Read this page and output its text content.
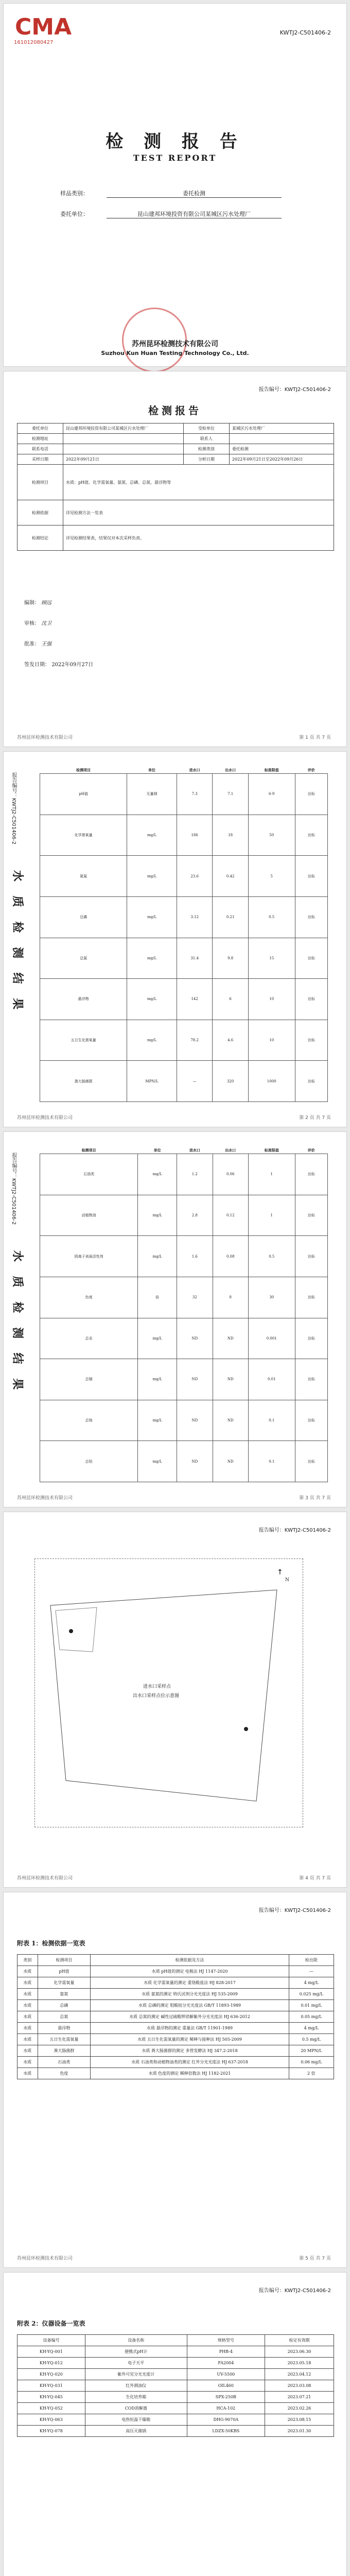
CMA
161012080427
KWTJ2-C501406-2
检 测 报 告
TEST REPORT
样品类别：	委托检测
委托单位：	昆山建邦环境投资有限公司某城区污水处理厂
苏州昆环检测技术有限公司
Suzhou Kun Huan Testing Technology Co., Ltd.
报告编号：KWTJ2-C501406-2
检测报告
委托单位	昆山建邦环境投资有限公司某城区污水处理厂	受检单位	某城区污水处理厂
检测地址		联系人	
联系电话		检测类别	委托检测
采样日期	2022年09月21日	分析日期	2022年09月21日至2022年09月26日
检测项目	水质：pH值、化学需氧量、氨氮、总磷、总氮、悬浮物等		
检测依据	详见检测方法一览表		
检测结论	详见检测结果表，结果仅对本次采样负责。		
编制： 顾远
审核： 沈卫
批准： 王强
签发日期： 2022年09月27日
苏州昆环检测技术有限公司	第 1 页 共 7 页
报告编号：KWTJ2-C501406-2
水 质 检 测 结 果
检测项目	单位	进水口	出水口	标准限值	评价
pH值	无量纲	7.3	7.1	6-9	达标
化学需氧量	mg/L	186	18	50	达标
氨氮	mg/L	23.6	0.42	5	达标
总磷	mg/L	3.12	0.21	0.5	达标
总氮	mg/L	31.4	9.8	15	达标
悬浮物	mg/L	142	6	10	达标
五日生化需氧量	mg/L	78.2	4.6	10	达标
粪大肠菌群	MPN/L	—	320	1000	达标
苏州昆环检测技术有限公司	第 2 页 共 7 页
报告编号：KWTJ2-C501406-2
水 质 检 测 结 果
检测项目	单位	进水口	出水口	标准限值	评价
石油类	mg/L	1.2	0.06	1	达标
动植物油	mg/L	2.8	0.12	1	达标
阴离子表面活性剂	mg/L	1.6	0.08	0.5	达标
色度	倍	32	8	30	达标
总汞	mg/L	ND	ND	0.001	达标
总镉	mg/L	ND	ND	0.01	达标
总铬	mg/L	ND	ND	0.1	达标
总铅	mg/L	ND	ND	0.1	达标
苏州昆环检测技术有限公司	第 3 页 共 7 页
报告编号：KWTJ2-C501406-2
↑
进水口采样点
出水口采样点位示意图
N
苏州昆环检测技术有限公司	第 4 页 共 7 页
报告编号：KWTJ2-C501406-2
附表 1：检测依据一览表
类别	检测项目	检测依据及方法	检出限
水质	pH值	水质 pH值的测定 电极法 HJ 1147-2020	—
水质	化学需氧量	水质 化学需氧量的测定 重铬酸盐法 HJ 828-2017	4 mg/L
水质	氨氮	水质 氨氮的测定 纳氏试剂分光光度法 HJ 535-2009	0.025 mg/L
水质	总磷	水质 总磷的测定 钼酸铵分光光度法 GB/T 11893-1989	0.01 mg/L
水质	总氮	水质 总氮的测定 碱性过硫酸钾消解紫外分光光度法 HJ 636-2012	0.05 mg/L
水质	悬浮物	水质 悬浮物的测定 重量法 GB/T 11901-1989	4 mg/L
水质	五日生化需氧量	水质 五日生化需氧量的测定 稀释与接种法 HJ 505-2009	0.5 mg/L
水质	粪大肠菌群	水质 粪大肠菌群的测定 多管发酵法 HJ 347.2-2018	20 MPN/L
水质	石油类	水质 石油类和动植物油类的测定 红外分光光度法 HJ 637-2018	0.06 mg/L
水质	色度	水质 色度的测定 稀释倍数法 HJ 1182-2021	2 倍
苏州昆环检测技术有限公司	第 5 页 共 7 页
报告编号：KWTJ2-C501406-2
附表 2：仪器设备一览表
设备编号	设备名称	规格型号	检定有效期
KH-YQ-001	便携式pH计	PHB-4	2023.06.30
KH-YQ-012	电子天平	FA2004	2023.05.18
KH-YQ-020	紫外可见分光光度计	UV-5500	2023.04.12
KH-YQ-031	红外测油仪	OIL460	2023.03.08
KH-YQ-045	生化培养箱	SPX-250B	2023.07.21
KH-YQ-052	COD消解器	HCA-102	2023.02.26
KH-YQ-063	电热恒温干燥箱	DHG-9070A	2023.08.15
KH-YQ-078	高压灭菌锅	LDZX-50KBS	2023.01.30
